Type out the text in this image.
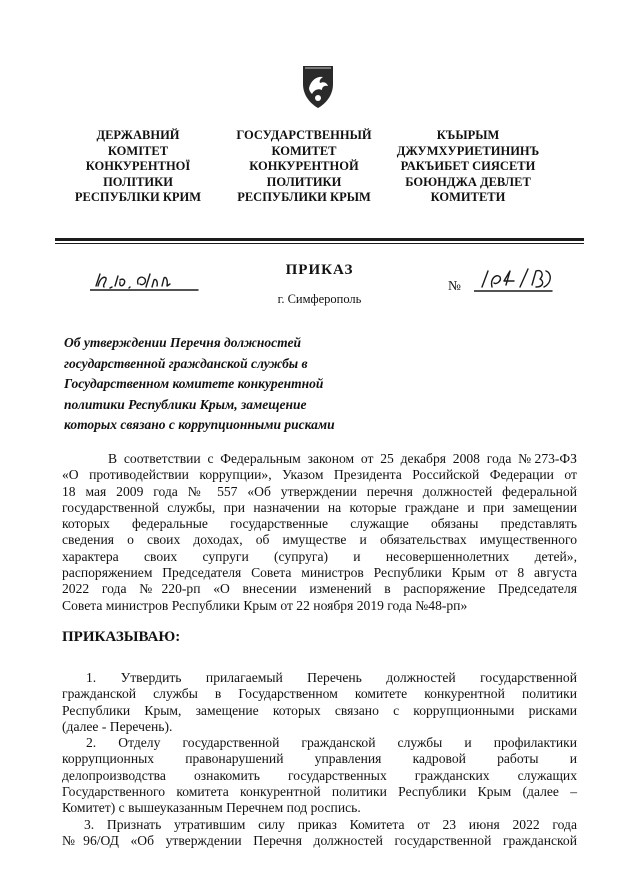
ДЕРЖАВНИЙ
КОМІТЕТ
КОНКУРЕНТНОЇ
ПОЛІТИКИ
РЕСПУБЛІКИ КРИМ
ГОСУДАРСТВЕННЫЙ
КОМИТЕТ
КОНКУРЕНТНОЙ
ПОЛИТИКИ
РЕСПУБЛИКИ КРЫМ
КЪЫРЫМ
ДЖУМХУРИЕТИНИНЪ
РАКЪИБЕТ СИЯСЕТИ
БОЮНДЖА ДЕВЛЕТ
КОМИТЕТИ
ПРИКАЗ
г. Симферополь
№
Об утверждении Перечня должностей
государственной гражданской службы в
Государственном комитете конкурентной
политики Республики Крым, замещение
которых связано с коррупционными рисками
В соответствии с Федеральным законом от 25 декабря 2008 года №273-ФЗ
«О противодействии коррупции», Указом Президента Российской Федерации от
18 мая 2009 года № 557 «Об утверждении перечня должностей федеральной
государственной службы, при назначении на которые граждане и при замещении
которых федеральные государственные служащие обязаны представлять
сведения о своих доходах, об имуществе и обязательствах имущественного
характера своих супруги (супруга) и несовершеннолетних детей»,
распоряжением Председателя Совета министров Республики Крым от 8 августа
2022 года №220-рп «О внесении изменений в распоряжение Председателя
Совета министров Республики Крым от 22 ноября 2019 года №48-рп»
ПРИКАЗЫВАЮ:
1. Утвердить прилагаемый Перечень должностей государственной
гражданской службы в Государственном комитете конкурентной политики
Республики Крым, замещение которых связано с коррупционными рисками
(далее - Перечень).
2. Отделу государственной гражданской службы и профилактики
коррупционных правонарушений управления кадровой работы и
делопроизводства ознакомить государственных гражданских служащих
Государственного комитета конкурентной политики Республики Крым (далее –
Комитет) с вышеуказанным Перечнем под роспись.
3. Признать утратившим силу приказ Комитета от 23 июня 2022 года
№96/ОД «Об утверждении Перечня должностей государственной гражданской
